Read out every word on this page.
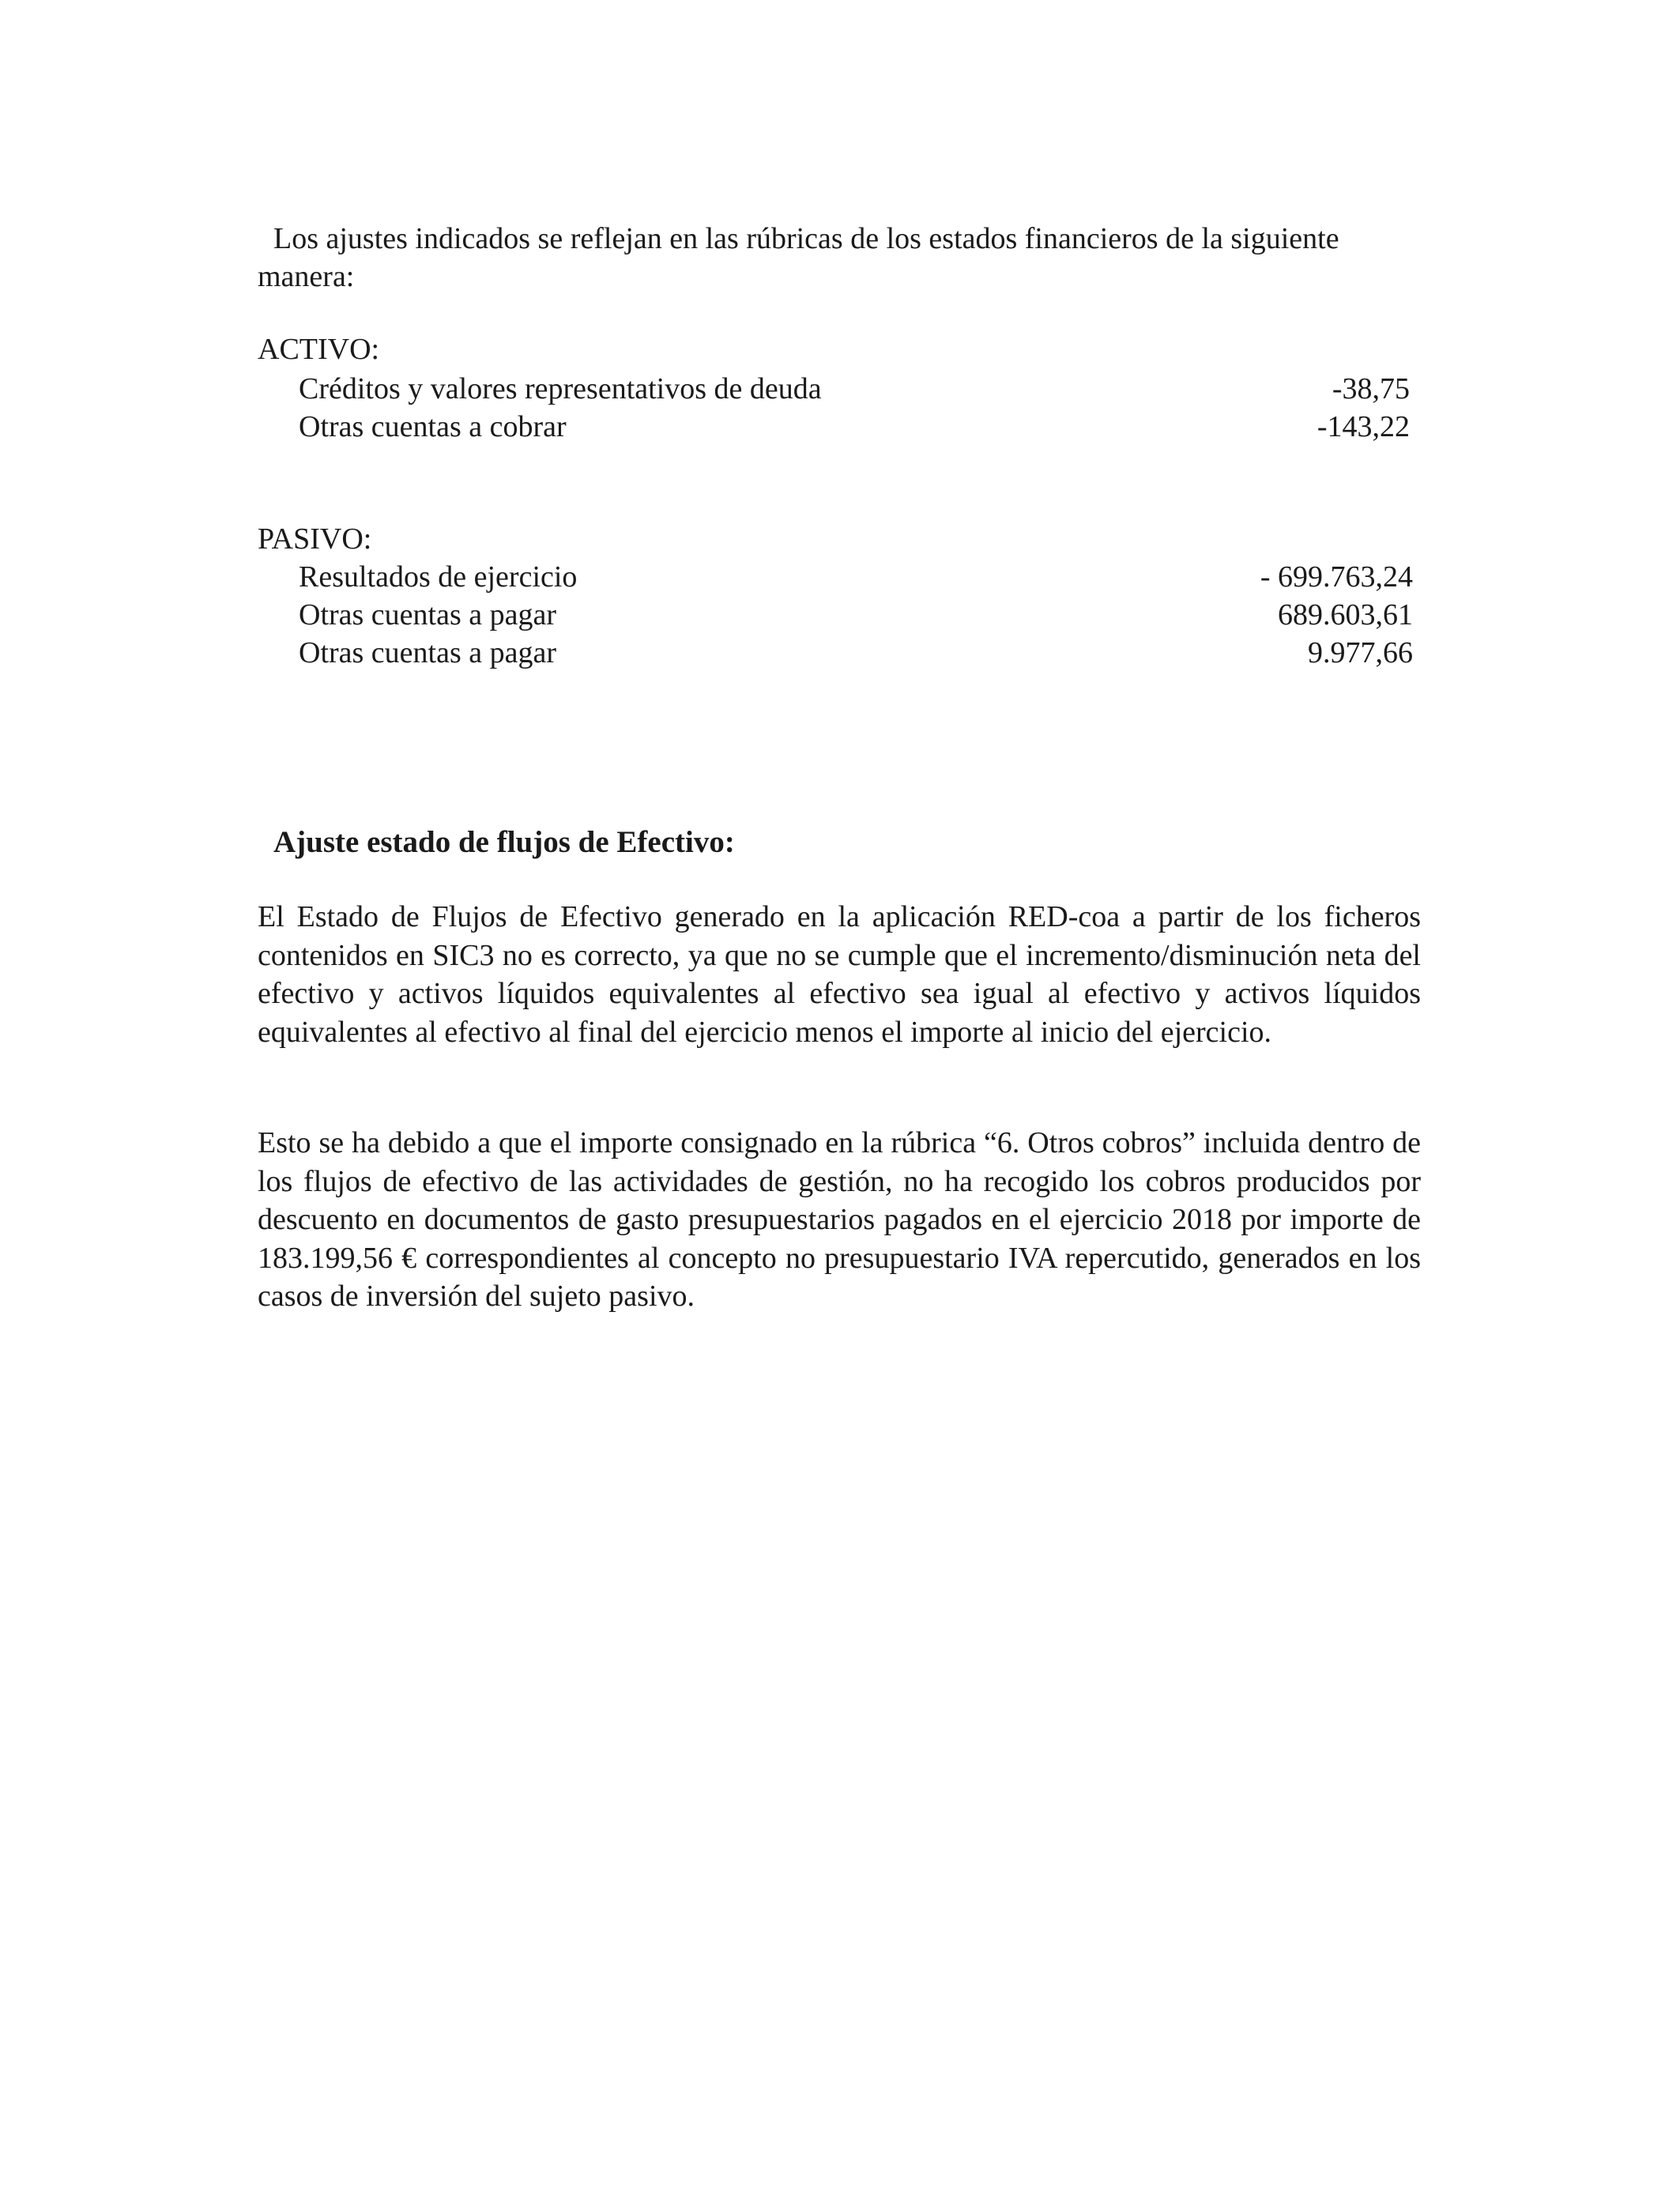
Los ajustes indicados se reflejan en las rúbricas de los estados financieros de la siguiente manera:
ACTIVO:
Créditos y valores representativos de deuda	-38,75
Otras cuentas a cobrar	-143,22
PASIVO:
Resultados de ejercicio	- 699.763,24
Otras cuentas a pagar	689.603,61
Otras cuentas a pagar	9.977,66
Ajuste estado de flujos de Efectivo:
El Estado de Flujos de Efectivo generado en la aplicación RED-coa a partir de los ficheros contenidos en SIC3 no es correcto, ya que no se cumple que el incremento/disminución neta del efectivo y activos líquidos equivalentes al efectivo sea igual al efectivo y activos líquidos equivalentes al efectivo al final del ejercicio menos el importe al inicio del ejercicio.
Esto se ha debido a que el importe consignado en la rúbrica “6. Otros cobros” incluida dentro de los flujos de efectivo de las actividades de gestión, no ha recogido los cobros producidos por descuento en documentos de gasto presupuestarios pagados en el ejercicio 2018 por importe de 183.199,56 € correspondientes al concepto no presupuestario IVA repercutido, generados en los casos de inversión del sujeto pasivo.
